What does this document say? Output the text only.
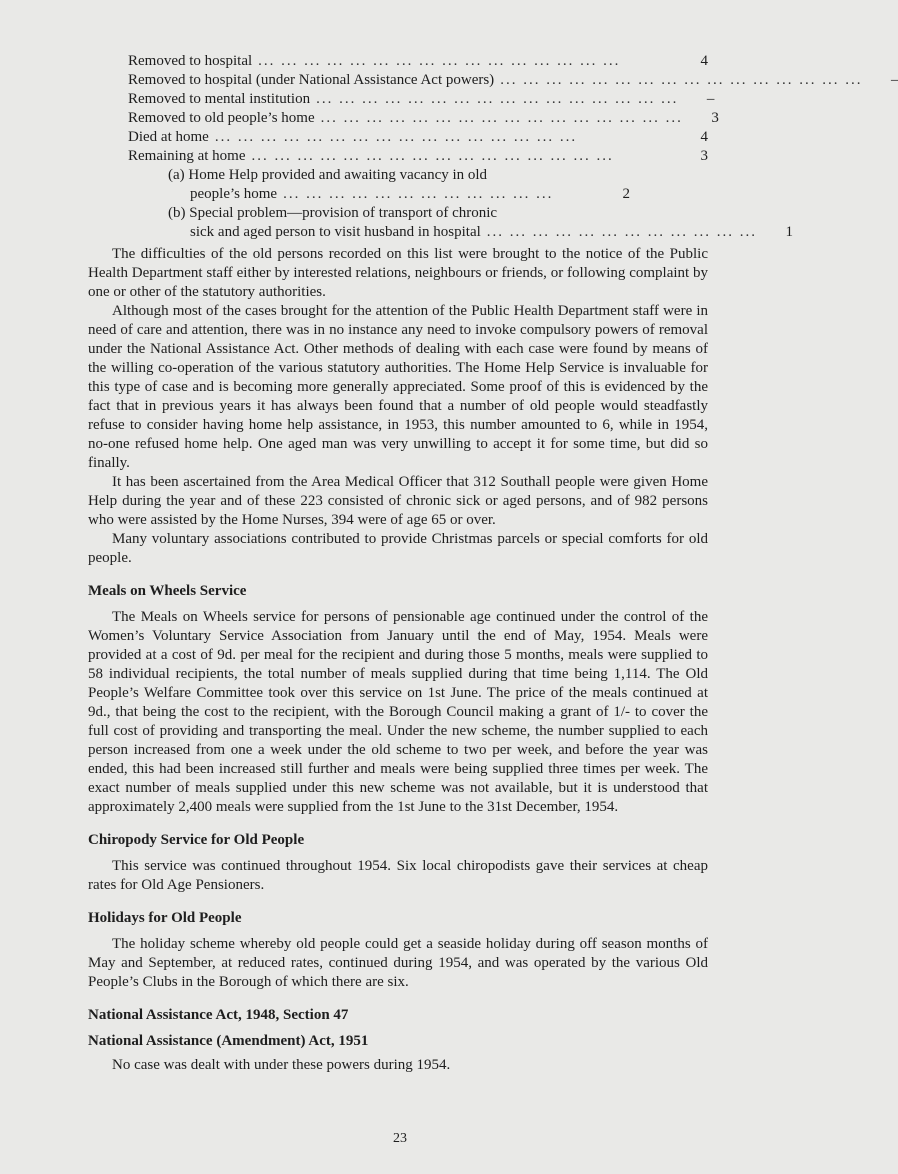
Removed to hospital ... ... ... ... ... ... ... ... ... ... ... ... ... ... ... ...	4
Removed to hospital (under National Assistance Act powers) ... ... ... ... ... ... ... ... ... ... ... ... ... ... ... ...	–
Removed to mental institution ... ... ... ... ... ... ... ... ... ... ... ... ... ... ... ...	–
Removed to old people’s home ... ... ... ... ... ... ... ... ... ... ... ... ... ... ... ...	3
Died at home ... ... ... ... ... ... ... ... ... ... ... ... ... ... ... ...	4
Remaining at home ... ... ... ... ... ... ... ... ... ... ... ... ... ... ... ...	3
(a) Home Help provided and awaiting vacancy in old
people’s home ... ... ... ... ... ... ... ... ... ... ... ...	2
(b) Special problem—provision of transport of chronic
sick and aged person to visit husband in hospital ... ... ... ... ... ... ... ... ... ... ... ...	1

The difficulties of the old persons recorded on this list were brought to the notice of the Public Health Department staff either by interested relations, neighbours or friends, or following complaint by one or other of the statutory authorities.

Although most of the cases brought for the attention of the Public Health Department staff were in need of care and attention, there was in no instance any need to invoke compulsory powers of removal under the National Assistance Act. Other methods of dealing with each case were found by means of the willing co-operation of the various statutory authorities. The Home Help Service is invaluable for this type of case and is becoming more generally appreciated. Some proof of this is evidenced by the fact that in previous years it has always been found that a number of old people would steadfastly refuse to consider having home help assistance, in 1953, this number amounted to 6, while in 1954, no-one refused home help. One aged man was very unwilling to accept it for some time, but did so finally.

It has been ascertained from the Area Medical Officer that 312 Southall people were given Home Help during the year and of these 223 consisted of chronic sick or aged persons, and of 982 persons who were assisted by the Home Nurses, 394 were of age 65 or over.

Many voluntary associations contributed to provide Christmas parcels or special comforts for old people.

Meals on Wheels Service

The Meals on Wheels service for persons of pensionable age continued under the control of the Women’s Voluntary Service Association from January until the end of May, 1954. Meals were provided at a cost of 9d. per meal for the recipient and during those 5 months, meals were supplied to 58 individual recipients, the total number of meals supplied during that time being 1,114. The Old People’s Welfare Committee took over this service on 1st June. The price of the meals continued at 9d., that being the cost to the recipient, with the Borough Council making a grant of 1/- to cover the full cost of providing and transporting the meal. Under the new scheme, the number supplied to each person increased from one a week under the old scheme to two per week, and before the year was ended, this had been increased still further and meals were being supplied three times per week. The exact number of meals supplied under this new scheme was not available, but it is understood that approximately 2,400 meals were supplied from the 1st June to the 31st December, 1954.

Chiropody Service for Old People

This service was continued throughout 1954. Six local chiropodists gave their services at cheap rates for Old Age Pensioners.

Holidays for Old People

The holiday scheme whereby old people could get a seaside holiday during off season months of May and September, at reduced rates, continued during 1954, and was operated by the various Old People’s Clubs in the Borough of which there are six.

National Assistance Act, 1948, Section 47
National Assistance (Amendment) Act, 1951

No case was dealt with under these powers during 1954.

23
